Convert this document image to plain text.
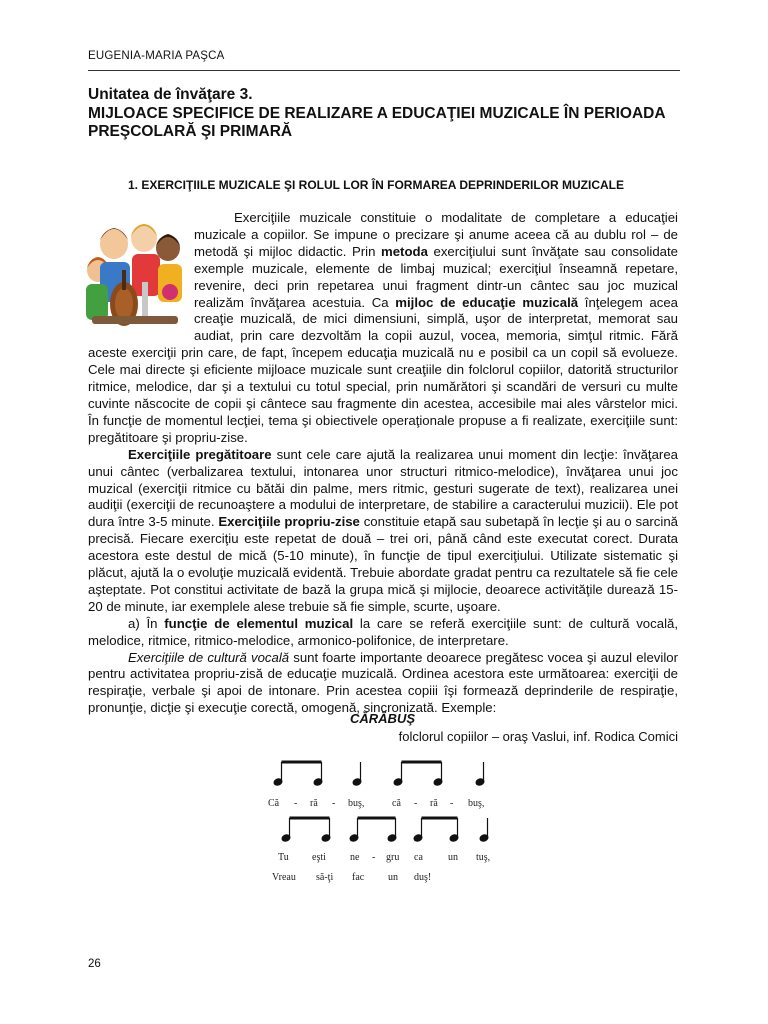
EUGENIA-MARIA PAŞCA
Unitatea de învăţare 3.
MIJLOACE SPECIFICE DE REALIZARE A EDUCAŢIEI MUZICALE ÎN PERIOADA PREŞCOLARĂ ŞI PRIMARĂ
1. EXERCIŢIILE MUZICALE ŞI ROLUL LOR ÎN FORMAREA DEPRINDERILOR MUZICALE

Exerciţiile muzicale constituie o modalitate de completare a educaţiei muzicale a copiilor. Se impune o precizare şi anume aceea că au dublu rol – de metodă şi mijloc didactic. Prin metoda exerciţiului sunt învăţate sau consolidate exemple muzicale, elemente de limbaj muzical; exerciţiul înseamnă repetare, revenire, deci prin repetarea unui fragment dintr-un cântec sau joc muzical realizăm învăţarea acestuia. Ca mijloc de educaţie muzicală înţelegem acea creaţie muzicală, de mici dimensiuni, simplă, uşor de interpretat, memorat sau audiat, prin care dezvoltăm la copii auzul, vocea, memoria, simţul ritmic. Fără aceste exerciţii prin care, de fapt, începem educaţia muzicală nu e posibil ca un copil să evolueze. Cele mai directe şi eficiente mijloace muzicale sunt creaţiile din folclorul copiilor, datorită structurilor ritmice, melodice, dar şi a textului cu totul special, prin numărători şi scandări de versuri cu multe cuvinte născocite de copii şi cântece sau fragmente din acestea, accesibile mai ales vârstelor mici. În funcţie de momentul lecţiei, tema şi obiectivele operaţionale propuse a fi realizate, exerciţiile sunt: pregătitoare şi propriu-zise.

Exerciţiile pregătitoare sunt cele care ajută la realizarea unui moment din lecţie: învăţarea unui cântec (verbalizarea textului, intonarea unor structuri ritmico-melodice), învăţarea unui joc muzical (exerciţii ritmice cu bătăi din palme, mers ritmic, gesturi sugerate de text), realizarea unei audiţii (exerciţii de recunoaştere a modului de interpretare, de stabilire a caracterului muzicii). Ele pot dura între 3-5 minute. Exerciţiile propriu-zise constituie etapă sau subetapă în lecţie şi au o sarcină precisă. Fiecare exerciţiu este repetat de două – trei ori, până când este executat corect. Durata acestora este destul de mică (5-10 minute), în funcţie de tipul exerciţiului. Utilizate sistematic şi plăcut, ajută la o evoluţie muzicală evidentă. Trebuie abordate gradat pentru ca rezultatele să fie cele aşteptate. Pot constitui activitate de bază la grupa mică şi mijlocie, deoarece activităţile durează 15-20 de minute, iar exemplele alese trebuie să fie simple, scurte, uşoare.

a) În funcţie de elementul muzical la care se referă exerciţiile sunt: de cultură vocală, melodice, ritmice, ritmico-melodice, armonico-polifonice, de interpretare.

Exerciţiile de cultură vocală sunt foarte importante deoarece pregătesc vocea şi auzul elevilor pentru activitatea propriu-zisă de educaţie muzicală. Ordinea acestora este următoarea: exerciţii de respiraţie, verbale şi apoi de intonare. Prin acestea copiii îşi formează deprinderile de respiraţie, pronunţie, dicţie şi execuţie corectă, omogenă, sincronizată. Exemple:

CĂRĂBUŞ
folclorul copiilor – oraş Vaslui, inf. Rodica Comici
Că - ră - buş,	că - ră - buş,
Tu eşti ne - gru ca	un tuş,
Vreau să-ţi fac un duş!
26
